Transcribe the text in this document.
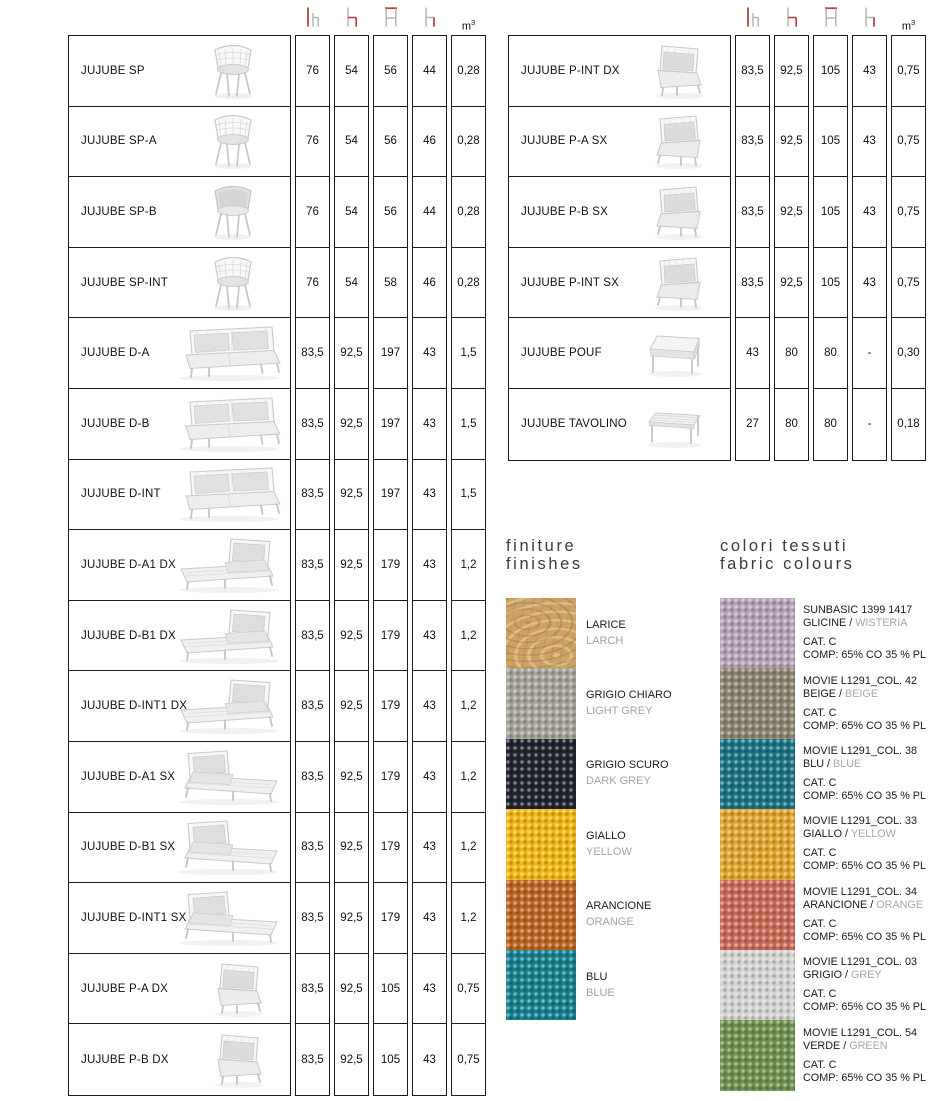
$m^3$
JUJUBE SP
JUJUBE SP-A
JUJUBE SP-B
JUJUBE SP-INT
JUJUBE D-A
JUJUBE D-B
JUJUBE D-INT
JUJUBE D-A1 DX
JUJUBE D-B1 DX
JUJUBE D-INT1 DX
JUJUBE D-A1 SX
JUJUBE D-B1 SX
JUJUBE D-INT1 SX
JUJUBE P-A DX
JUJUBE P-B DX
76
76
76
76
83,5
83,5
83,5
83,5
83,5
83,5
83,5
83,5
83,5
83,5
83,5
54
54
54
54
92,5
92,5
92,5
92,5
92,5
92,5
92,5
92,5
92,5
92,5
92,5
56
56
56
58
197
197
197
179
179
179
179
179
179
105
105
44
46
44
46
43
43
43
43
43
43
43
43
43
43
43
0,28
0,28
0,28
0,28
1,5
1,5
1,5
1,2
1,2
1,2
1,2
1,2
1,2
0,75
0,75
$m^3$
JUJUBE P-INT DX
JUJUBE P-A SX
JUJUBE P-B SX
JUJUBE P-INT SX
JUJUBE POUF
JUJUBE TAVOLINO
83,5
83,5
83,5
83,5
43
27
92,5
92,5
92,5
92,5
80
80
105
105
105
105
80
80
43
43
43
43
-
-
0,75
0,75
0,75
0,75
0,30
0,18
finiture
finishes
LARICE
LARCH
GRIGIO CHIARO
LIGHT GREY
GRIGIO SCURO
DARK GREY
GIALLO
YELLOW
ARANCIONE
ORANGE
BLU
BLUE
colori tessuti
fabric colours
SUNBASIC 1399 1417
GLICINE / WISTERIA
CAT. C
COMP: 65% CO 35 % PL
MOVIE L1291_COL. 42
BEIGE / BEIGE
CAT. C
COMP: 65% CO 35 % PL
MOVIE L1291_COL. 38
BLU / BLUE
CAT. C
COMP: 65% CO 35 % PL
MOVIE L1291_COL. 33
GIALLO / YELLOW
CAT. C
COMP: 65% CO 35 % PL
MOVIE L1291_COL. 34
ARANCIONE / ORANGE
CAT. C
COMP: 65% CO 35 % PL
MOVIE L1291_COL. 03
GRIGIO / GREY
CAT. C
COMP: 65% CO 35 % PL
MOVIE L1291_COL. 54
VERDE / GREEN
CAT. C
COMP: 65% CO 35 % PL
